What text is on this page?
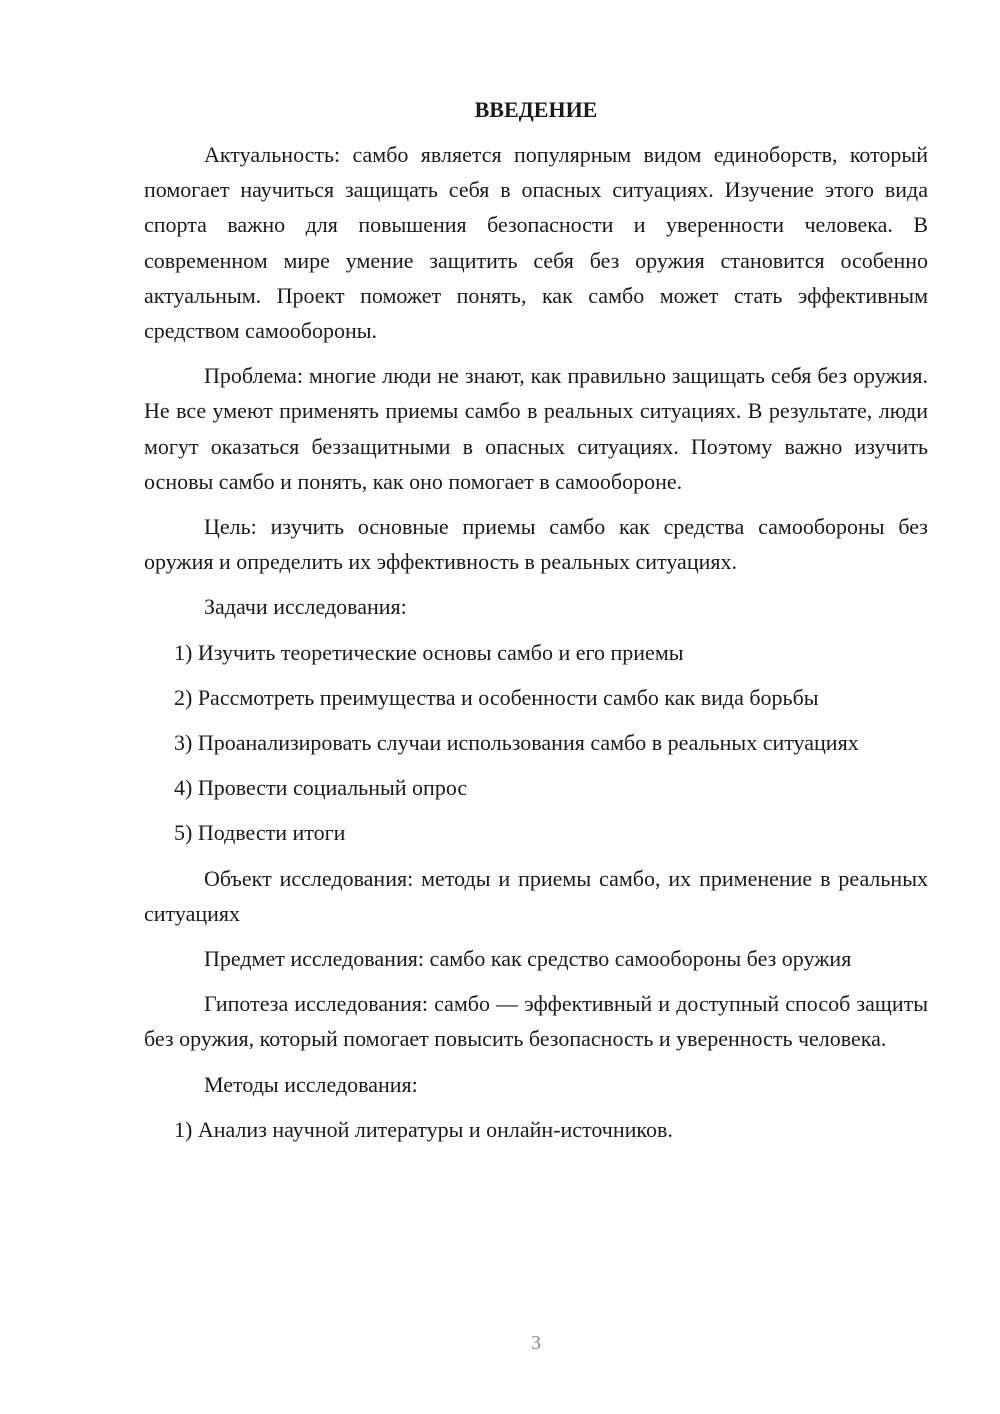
ВВЕДЕНИЕ

Актуальность: самбо является популярным видом единоборств, который помогает научиться защищать себя в опасных ситуациях. Изучение этого вида спорта важно для повышения безопасности и уверенности человека. В современном мире умение защитить себя без оружия становится особенно актуальным. Проект поможет понять, как самбо может стать эффективным средством самообороны.

Проблема: многие люди не знают, как правильно защищать себя без оружия. Не все умеют применять приемы самбо в реальных ситуациях. В результате, люди могут оказаться беззащитными в опасных ситуациях. Поэтому важно изучить основы самбо и понять, как оно помогает в самообороне.

Цель: изучить основные приемы самбо как средства самообороны без оружия и определить их эффективность в реальных ситуациях.

Задачи исследования:

1) Изучить теоретические основы самбо и его приемы

2) Рассмотреть преимущества и особенности самбо как вида борьбы

3) Проанализировать случаи использования самбо в реальных ситуациях

4) Провести социальный опрос

5) Подвести итоги

Объект исследования: методы и приемы самбо, их применение в реальных ситуациях

Предмет исследования: самбо как средство самообороны без оружия

Гипотеза исследования: самбо — эффективный и доступный способ защиты без оружия, который помогает повысить безопасность и уверенность человека.

Методы исследования:

1) Анализ научной литературы и онлайн-источников.

3
